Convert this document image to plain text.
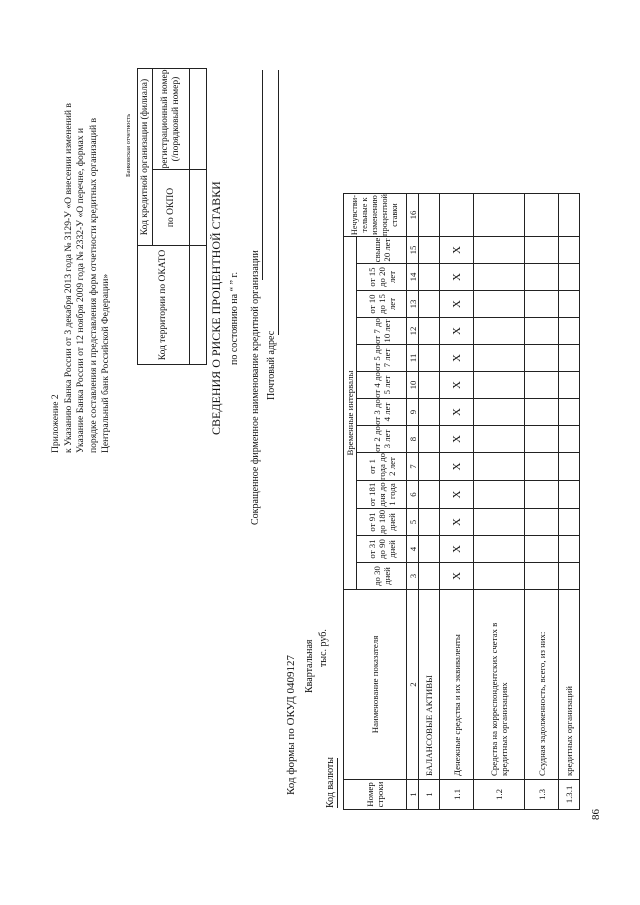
86
Приложение 2 к Указанию Банка России от 3 декабря 2013 года № 3129-У «О внесении изменений в Указание Банка России от 12 ноября 2009 года № 2332-У «О перечне, формах и порядке составления и представления форм отчетности кредитных организаций в Центральный банк Российской Федерации»
Банковская отчетность
Код территории по ОКАТО	Код кредитной организации (филиала)	
	по ОКПО	регистрационный номер (/порядковый номер)

СВЕДЕНИЯ О РИСКЕ ПРОЦЕНТНОЙ СТАВКИ по состоянию на “ ” г. Сокращенное фирменное наименование кредитной организации Почтовый адрес
Код формы по ОКУД 0409127 Квартальная тыс. руб.
Код валюты	Номер строки	Наименование показателя	Временные интервалы													Нечувстви-тельные к изменению процентной ставки
		до 30 дней	от 31 до 90 дней	от 91 до 180 дней	от 181 дня до 1 года	от 1 года до 2 лет	от 2 до 3 лет	от 3 до 4 лет	от 4 до 5 лет	от 5 до 7 лет	от 7 до 10 лет	от 10 до 15 лет	от 15 до 20 лет	свыше 20 лет	
1	2	3	4	5	6	7	8	9	10	11	12	13	14	15	16
1	БАЛАНСОВЫЕ АКТИВЫ														
1.1	Денежные средства и их эквиваленты	X	X	X	X	X	X	X	X	X	X	X	X	X	
1.2	Средства на корреспондентских счетах в кредитных организациях														
1.3	Ссудная задолженность, всего, из них:														
1.3.1	кредитных организаций														
